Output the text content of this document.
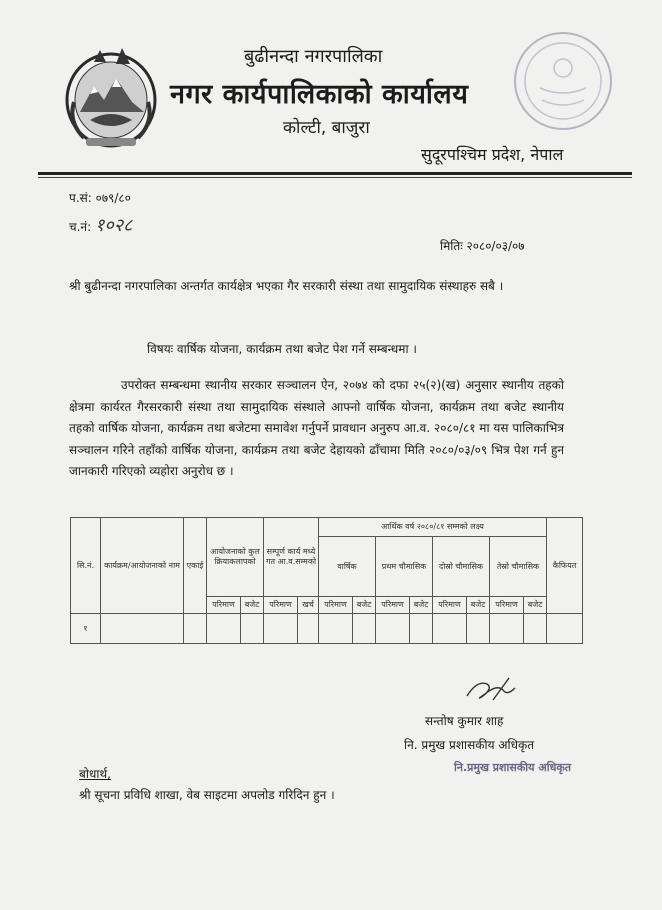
बुढीनन्दा नगरपालिका
नगर कार्यपालिकाको कार्यालय
कोल्टी, बाजुरा
सुदूरपश्चिम प्रदेश, नेपाल
प.सं: ०७९/८०
च.नं: १०२८
मितिः २०८०/०३/०७
श्री बुढीनन्दा नगरपालिका अन्तर्गत कार्यक्षेत्र भएका गैर सरकारी संस्था तथा सामुदायिक संस्थाहरु सबै ।
विषयः वार्षिक योजना, कार्यक्रम तथा बजेट पेश गर्ने सम्बन्धमा ।
उपरोक्त सम्बन्धमा स्थानीय सरकार सञ्चालन ऐन, २०७४ को दफा २५(२)(ख) अनुसार स्थानीय तहको क्षेत्रमा कार्यरत गैरसरकारी संस्था तथा सामुदायिक संस्थाले आफ्नो वार्षिक योजना, कार्यक्रम तथा बजेट स्थानीय तहको वार्षिक योजना, कार्यक्रम तथा बजेटमा समावेश गर्नुपर्ने प्रावधान अनुरुप आ.व. २०८०/८१ मा यस पालिकाभित्र सञ्चालन गरिने तहाँको वार्षिक योजना, कार्यक्रम तथा बजेट देहायको ढाँचामा मिति २०८०/०३/०९ भित्र पेश गर्न हुन जानकारी गरिएको व्यहोरा अनुरोध छ ।
सि.नं.	कार्यक्रम/आयोजनाको नाम	एकाई	आयोजनाको कुल क्रियाकलापको		सम्पूर्ण कार्य मध्ये गत आ.व.सम्मको		आर्थिक वर्ष २०८०/८१ सम्मको लक्ष्य								कैफियत
							वार्षिक		प्रथम चौमासिक		दोस्रो चौमासिक		तेस्रो चौमासिक		
			परिमाण	बजेट	परिमाण	खर्च	परिमाण	बजेट	परिमाण	बजेट	परिमाण	बजेट	परिमाण	बजेट	
१															
सन्तोष कुमार शाह
नि. प्रमुख प्रशासकीय अधिकृत
नि.प्रमुख प्रशासकीय अधिकृत
बोधार्थ,
श्री सूचना प्रविधि शाखा, वेब साइटमा अपलोड गरिदिन हुन ।
